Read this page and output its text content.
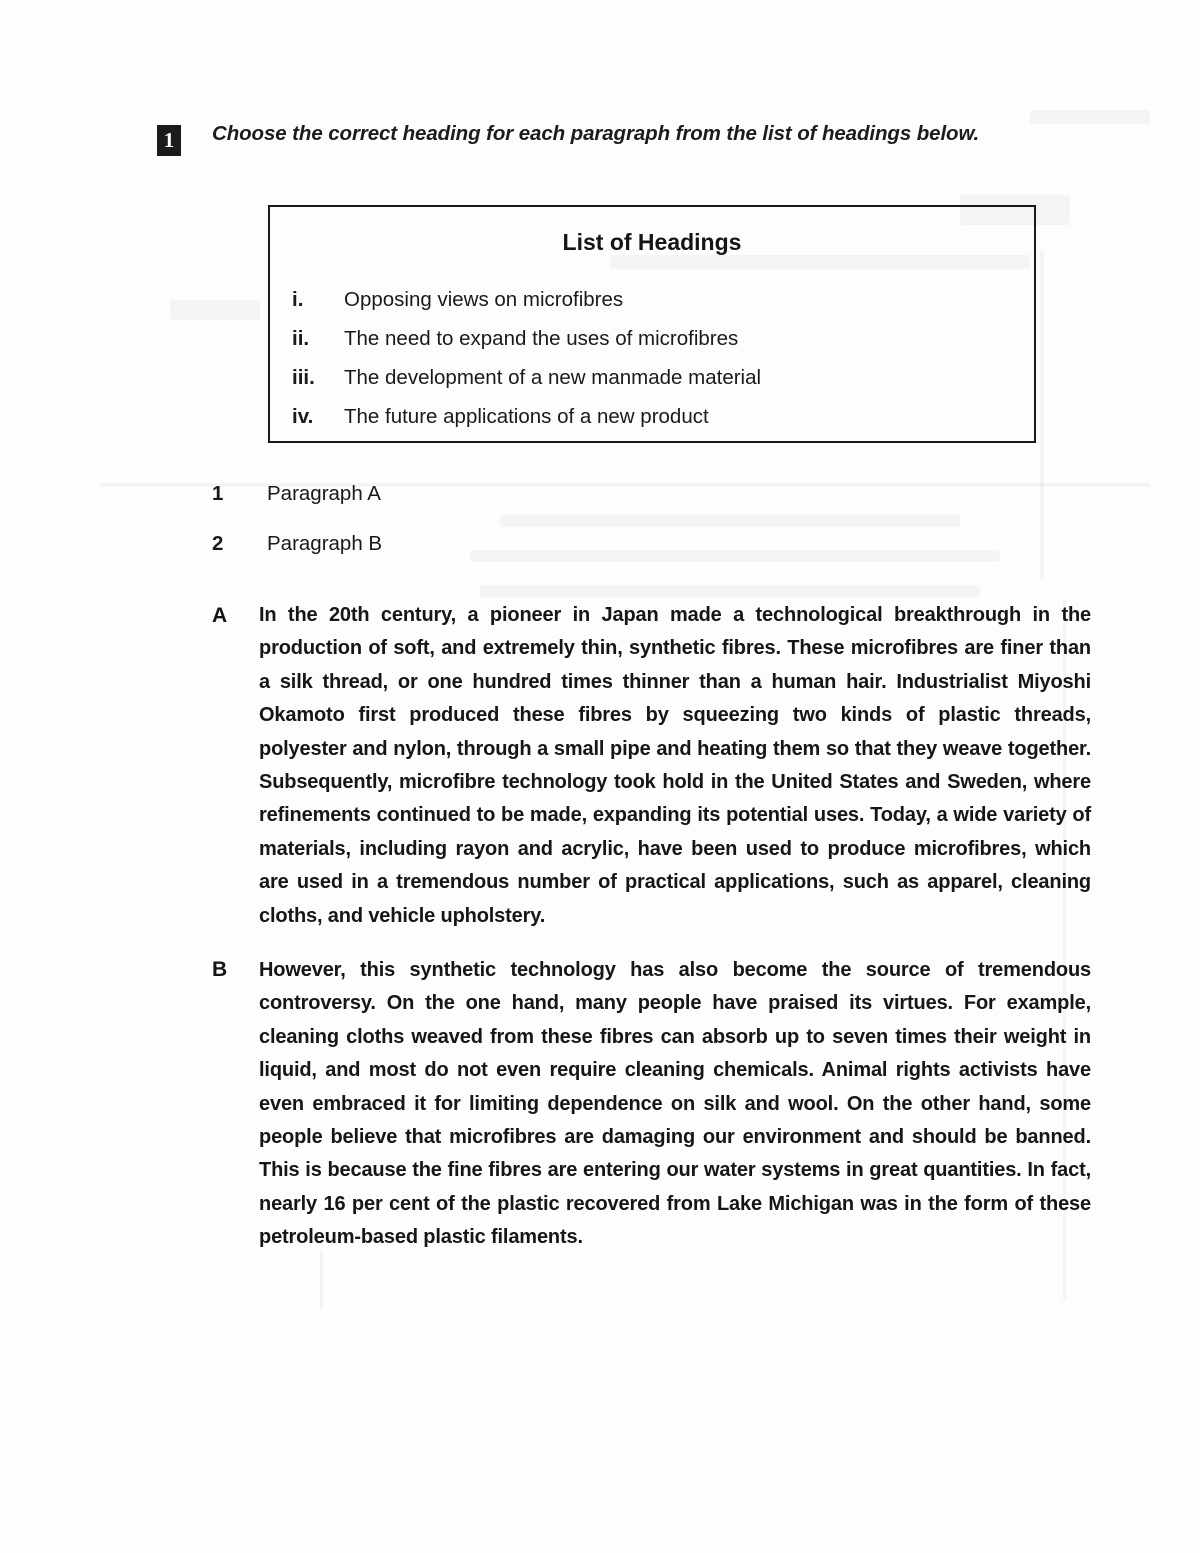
1	Choose the correct heading for each paragraph from the list of headings below.
List of Headings
i. Opposing views on microfibres
ii. The need to expand the uses of microfibres
iii. The development of a new manmade material
iv. The future applications of a new product
1 Paragraph A
2 Paragraph B
A In the 20th century, a pioneer in Japan made a technological breakthrough in the production of soft, and extremely thin, synthetic fibres. These microfibres are finer than a silk thread, or one hundred times thinner than a human hair. Industrialist Miyoshi Okamoto first produced these fibres by squeezing two kinds of plastic threads, polyester and nylon, through a small pipe and heating them so that they weave together. Subsequently, microfibre technology took hold in the United States and Sweden, where refinements continued to be made, expanding its potential uses. Today, a wide variety of materials, including rayon and acrylic, have been used to produce microfibres, which are used in a tremendous number of practical applications, such as apparel, cleaning cloths, and vehicle upholstery.
B However, this synthetic technology has also become the source of tremendous controversy. On the one hand, many people have praised its virtues. For example, cleaning cloths weaved from these fibres can absorb up to seven times their weight in liquid, and most do not even require cleaning chemicals. Animal rights activists have even embraced it for limiting dependence on silk and wool. On the other hand, some people believe that microfibres are damaging our environment and should be banned. This is because the fine fibres are entering our water systems in great quantities. In fact, nearly 16 per cent of the plastic recovered from Lake Michigan was in the form of these petroleum-based plastic filaments.
